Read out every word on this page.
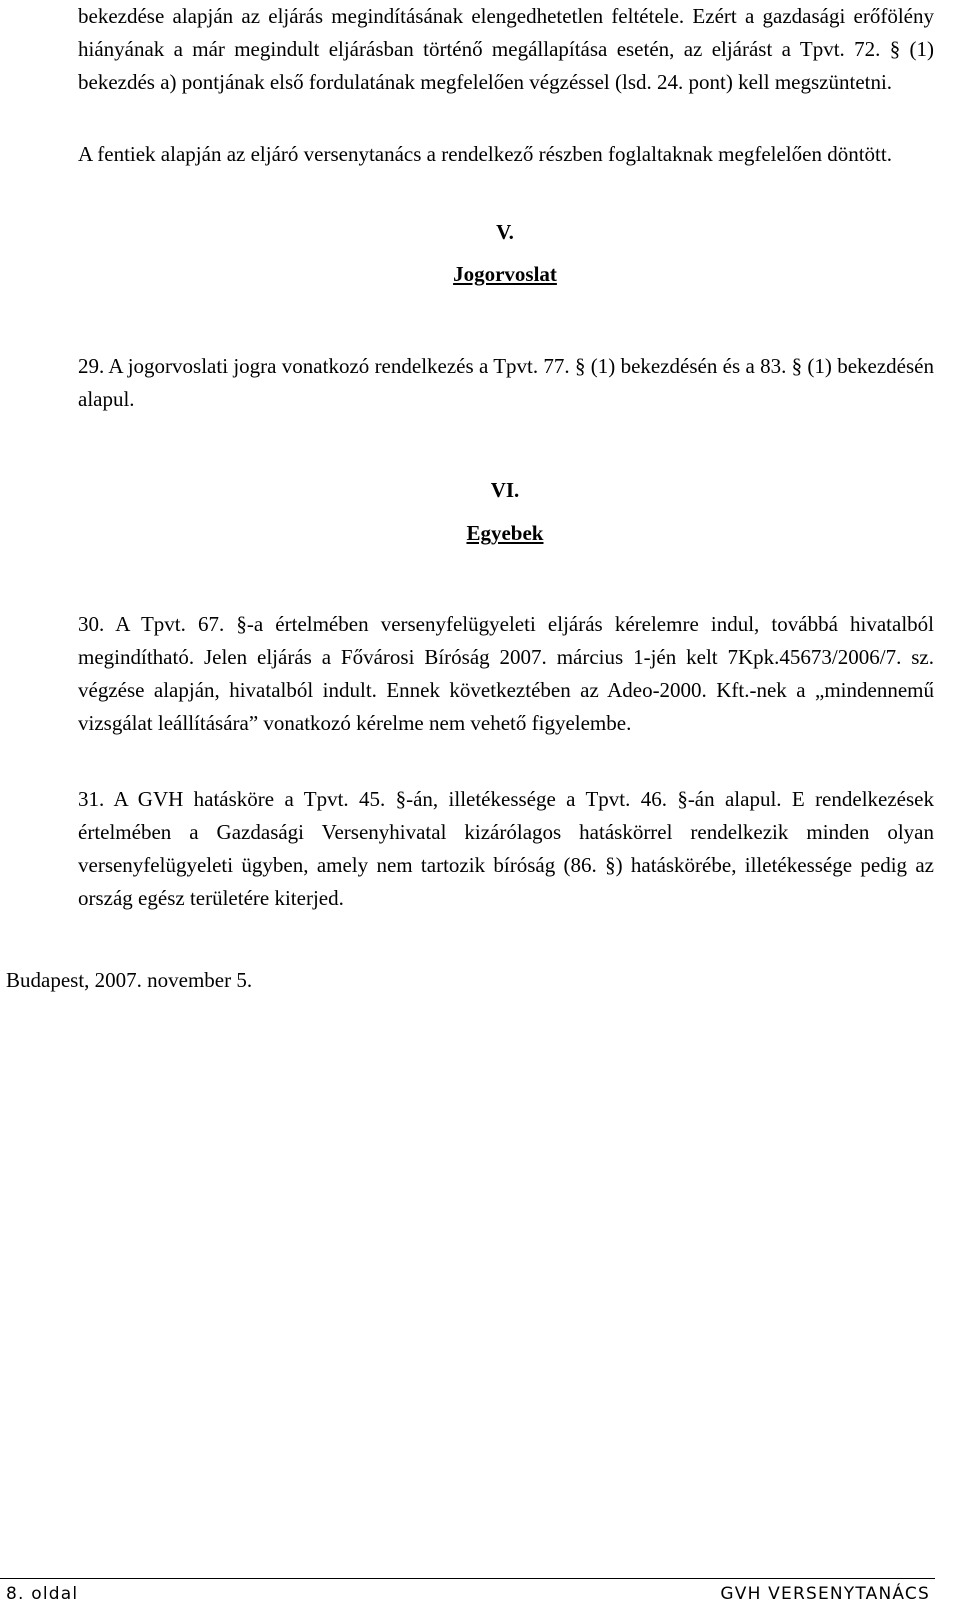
bekezdése alapján az eljárás megindításának elengedhetetlen feltétele. Ezért a gazdasági erőfölény hiányának a már megindult eljárásban történő megállapítása esetén, az eljárást a Tpvt. 72. § (1) bekezdés a) pontjának első fordulatának megfelelően végzéssel (lsd. 24. pont) kell megszüntetni.

A fentiek alapján az eljáró versenytanács a rendelkező részben foglaltaknak megfelelően döntött.

V.

Jogorvoslat

29. A jogorvoslati jogra vonatkozó rendelkezés a Tpvt. 77. § (1) bekezdésén és a 83. § (1) bekezdésén alapul.

VI.

Egyebek

30. A Tpvt. 67. §-a értelmében versenyfelügyeleti eljárás kérelemre indul, továbbá hivatalból megindítható. Jelen eljárás a Fővárosi Bíróság 2007. március 1-jén kelt 7Kpk.45673/2006/7. sz. végzése alapján, hivatalból indult. Ennek következtében az Adeo-2000. Kft.-nek a „mindennemű vizsgálat leállítására” vonatkozó kérelme nem vehető figyelembe.

31. A GVH hatásköre a Tpvt. 45. §-án, illetékessége a Tpvt. 46. §-án alapul. E rendelkezések értelmében a Gazdasági Versenyhivatal kizárólagos hatáskörrel rendelkezik minden olyan versenyfelügyeleti ügyben, amely nem tartozik bíróság (86. §) hatáskörébe, illetékessége pedig az ország egész területére kiterjed.

Budapest, 2007. november 5.

8. oldal	GVH VERSENYTANÁCS
